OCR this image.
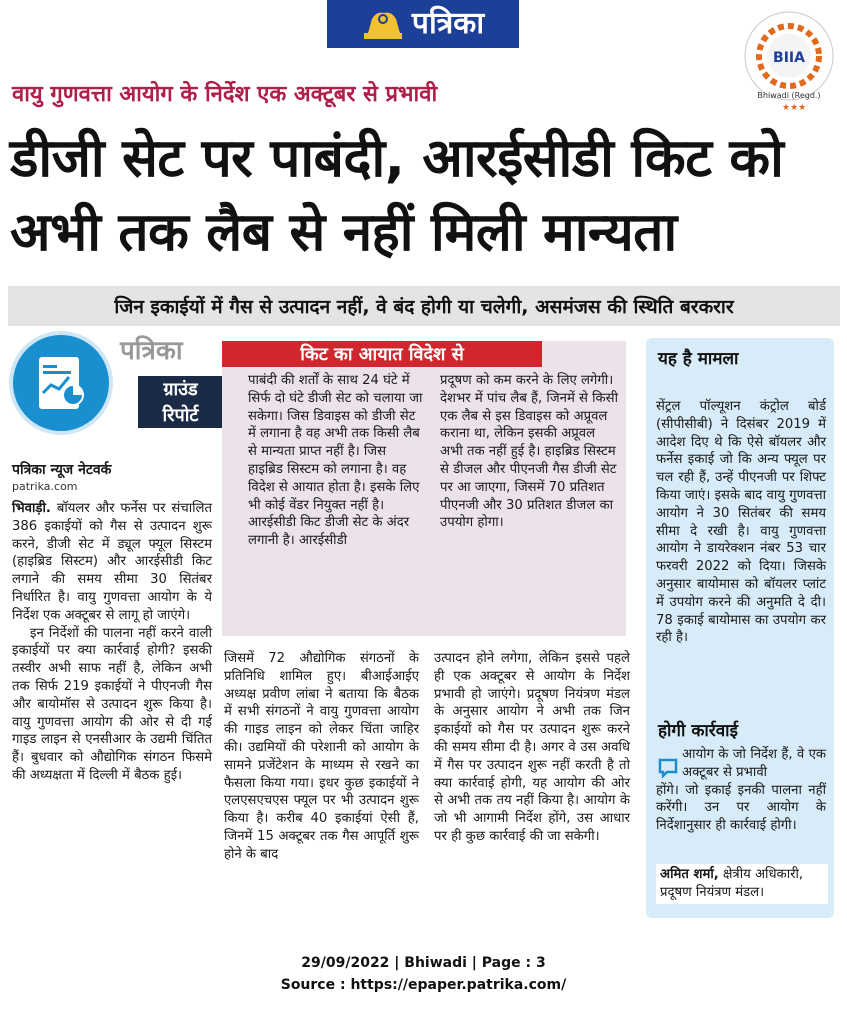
पत्रिका
BIIA
Bhiwadi (Regd.)
★★★
वायु गुणवत्ता आयोग के निर्देश एक अक्टूबर से प्रभावी
डीजी सेट पर पाबंदी, आरईसीडी किट को अभी तक लैब से नहीं मिली मान्यता
जिन इकाईयों में गैस से उत्पादन नहीं, वे बंद होगी या चलेगी, असमंजस की स्थिति बरकरार
पत्रिका
ग्राउंड
रिपोर्ट
पत्रिका न्यूज नेटवर्क
patrika.com

भिवाड़ी. बॉयलर और फर्नेस पर संचालित 386 इकाईयों को गैस से उत्पादन शुरू करने, डीजी सेट में ड्यूल फ्यूल सिस्टम (हाइब्रिड सिस्टम) और आरईसीडी किट लगाने की समय सीमा 30 सितंबर निर्धारित है। वायु गुणवत्ता आयोग के ये निर्देश एक अक्टूबर से लागू हो जाएंगे।

इन निर्देशों की पालना नहीं करने वाली इकाईयों पर क्या कार्रवाई होगी? इसकी तस्वीर अभी साफ नहीं है, लेकिन अभी तक सिर्फ 219 इकाईयों ने पीएनजी गैस और बायोमॉस से उत्पादन शुरू किया है। वायु गुणवत्ता आयोग की ओर से दी गई गाइड लाइन से एनसीआर के उद्यमी चिंतित हैं। बुधवार को औद्योगिक संगठन फिसमे की अध्यक्षता में दिल्ली में बैठक हुई।

किट का आयात विदेश से
पाबंदी की शर्तों के साथ 24 घंटे में सिर्फ दो घंटे डीजी सेट को चलाया जा सकेगा। जिस डिवाइस को डीजी सेट में लगाना है वह अभी तक किसी लैब से मान्यता प्राप्त नहीं है। जिस हाइब्रिड सिस्टम को लगाना है। वह विदेश से आयात होता है। इसके लिए भी कोई वेंडर नियुक्त नहीं है। आरईसीडी किट डीजी सेट के अंदर लगानी है। आरईसीडी
प्रदूषण को कम करने के लिए लगेगी। देशभर में पांच लैब हैं, जिनमें से किसी एक लैब से इस डिवाइस को अप्रूवल कराना था, लेकिन इसकी अप्रूवल अभी तक नहीं हुई है। हाइब्रिड सिस्टम से डीजल और पीएनजी गैस डीजी सेट पर आ जाएगा, जिसमें 70 प्रतिशत पीएनजी और 30 प्रतिशत डीजल का उपयोग होगा।
जिसमें 72 औद्योगिक संगठनों के प्रतिनिधि शामिल हुए। बीआईआईए अध्यक्ष प्रवीण लांबा ने बताया कि बैठक में सभी संगठनों ने वायु गुणवत्ता आयोग की गाइड लाइन को लेकर चिंता जाहिर की। उद्यमियों की परेशानी को आयोग के सामने प्रजेंटेशन के माध्यम से रखने का फैसला किया गया। इधर कुछ इकाईयों ने एलएसएचएस फ्यूल पर भी उत्पादन शुरू किया है। करीब 40 इकाईयां ऐसी हैं, जिनमें 15 अक्टूबर तक गैस आपूर्ति शुरू होने के बाद
उत्पादन होने लगेगा, लेकिन इससे पहले ही एक अक्टूबर से आयोग के निर्देश प्रभावी हो जाएंगे। प्रदूषण नियंत्रण मंडल के अनुसार आयोग ने अभी तक जिन इकाईयों को गैस पर उत्पादन शुरू करने की समय सीमा दी है। अगर वे उस अवधि में गैस पर उत्पादन शुरू नहीं करती है तो क्या कार्रवाई होगी, यह आयोग की ओर से अभी तक तय नहीं किया है। आयोग के जो भी आगामी निर्देश होंगे, उस आधार पर ही कुछ कार्रवाई की जा सकेगी।
यह है मामला
सेंट्रल पॉल्यूशन कंट्रोल बोर्ड (सीपीसीबी) ने दिसंबर 2019 में आदेश दिए थे कि ऐसे बॉयलर और फर्नेस इकाई जो कि अन्य फ्यूल पर चल रही हैं, उन्हें पीएनजी पर शिफ्ट किया जाएं। इसके बाद वायु गुणवत्ता आयोग ने 30 सितंबर की समय सीमा दे रखी है। वायु गुणवत्ता आयोग ने डायरेक्शन नंबर 53 चार फरवरी 2022 को दिया। जिसके अनुसार बायोमास को बॉयलर प्लांट में उपयोग करने की अनुमति दे दी। 78 इकाई बायोमास का उपयोग कर रही है।
होगी कार्रवाई
आयोग के जो निर्देश हैं, वे एक अक्टूबर से प्रभावी
होंगे। जो इकाई इनकी पालना नहीं करेंगी। उन पर आयोग के निर्देशानुसार ही कार्रवाई होगी।
अमित शर्मा, क्षेत्रीय अधिकारी, प्रदूषण नियंत्रण मंडल।
29/09/2022 | Bhiwadi | Page : 3
Source : https://epaper.patrika.com/
